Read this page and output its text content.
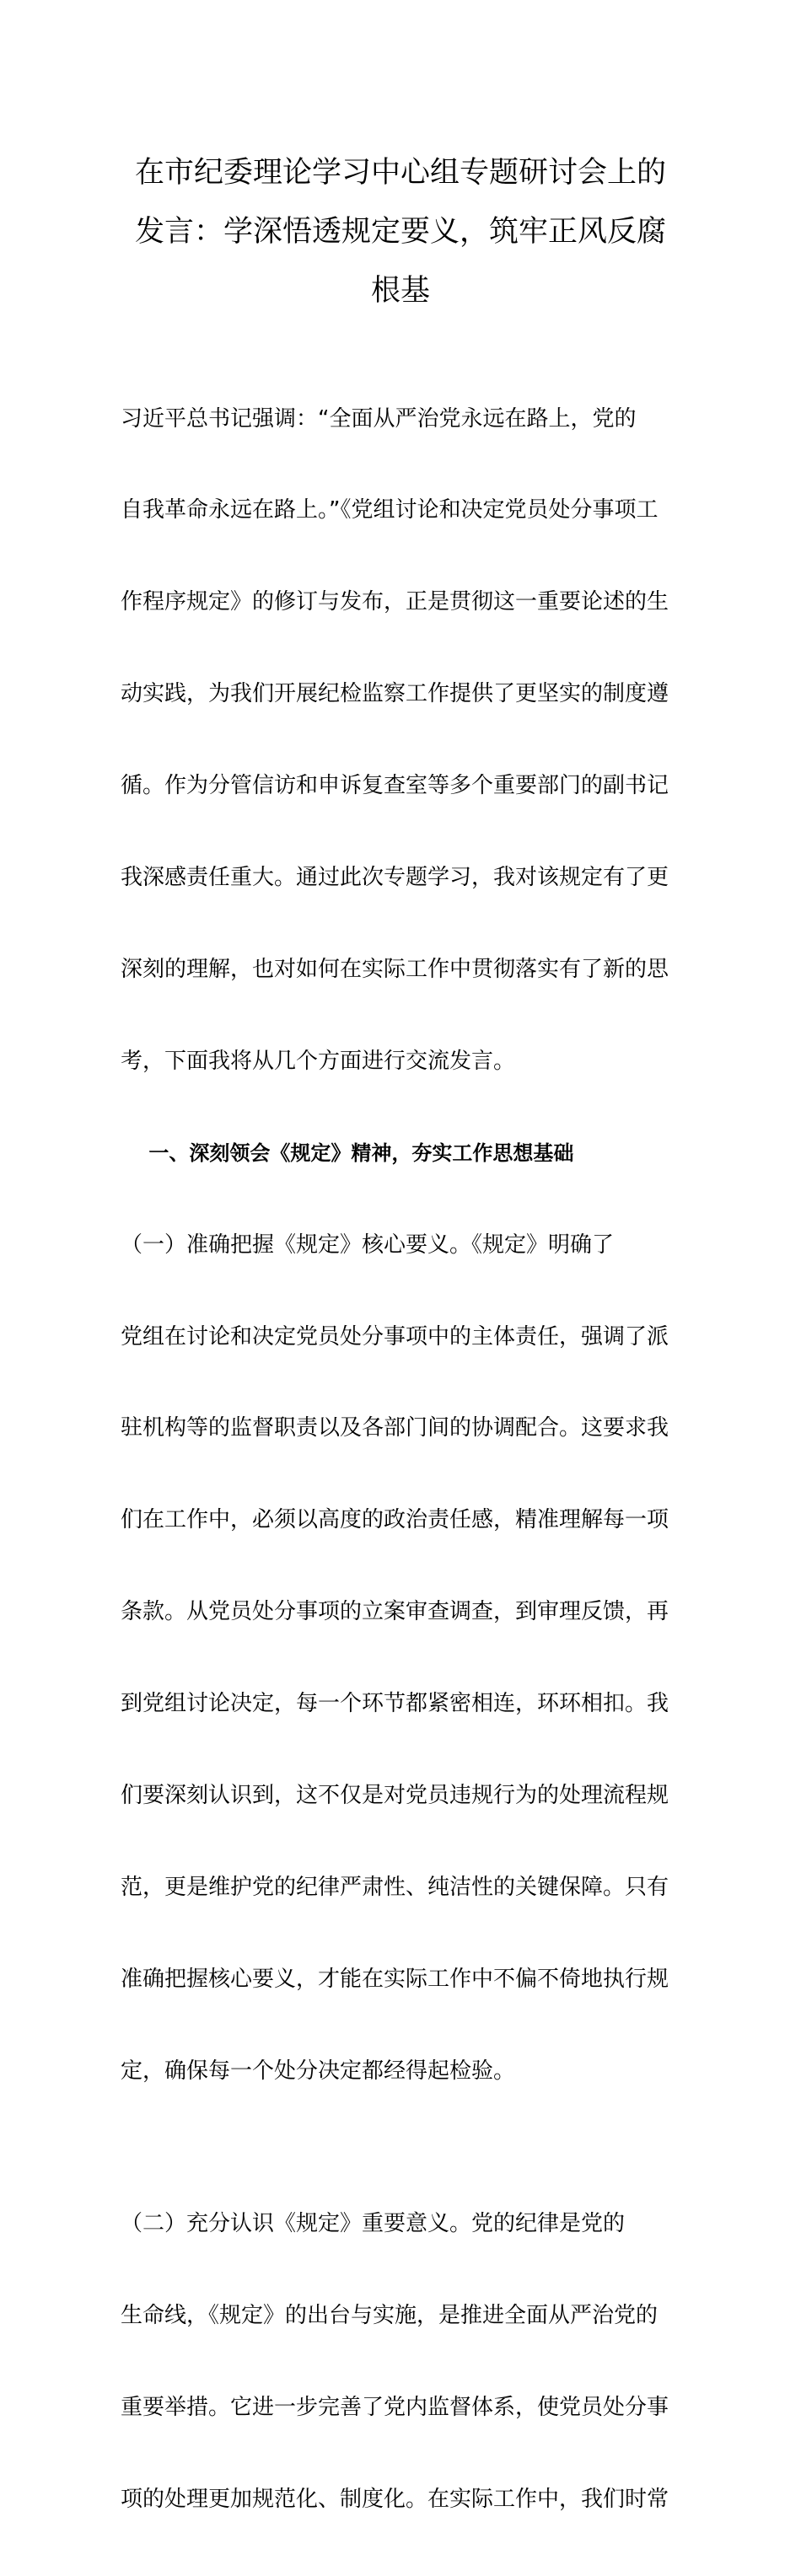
在市纪委理论学习中心组专题研讨会上的
发言：学深悟透规定要义，筑牢正风反腐
根基

习近平总书记强调：“全面从严治党永远在路上，党的

自我革命永远在路上。”《党组讨论和决定党员处分事项工

作程序规定》的修订与发布，正是贯彻这一重要论述的生

动实践，为我们开展纪检监察工作提供了更坚实的制度遵

循。作为分管信访和申诉复查室等多个重要部门的副书记

我深感责任重大。通过此次专题学习，我对该规定有了更

深刻的理解，也对如何在实际工作中贯彻落实有了新的思

考，下面我将从几个方面进行交流发言。

一、深刻领会《规定》精神，夯实工作思想基础

（一）准确把握《规定》核心要义。《规定》明确了

党组在讨论和决定党员处分事项中的主体责任，强调了派

驻机构等的监督职责以及各部门间的协调配合。这要求我

们在工作中，必须以高度的政治责任感，精准理解每一项

条款。从党员处分事项的立案审查调查，到审理反馈，再

到党组讨论决定，每一个环节都紧密相连，环环相扣。我

们要深刻认识到，这不仅是对党员违规行为的处理流程规

范，更是维护党的纪律严肃性、纯洁性的关键保障。只有

准确把握核心要义，才能在实际工作中不偏不倚地执行规

定，确保每一个处分决定都经得起检验。

（二）充分认识《规定》重要意义。党的纪律是党的

生命线，《规定》的出台与实施，是推进全面从严治党的

重要举措。它进一步完善了党内监督体系，使党员处分事

项的处理更加规范化、制度化。在实际工作中，我们时常
